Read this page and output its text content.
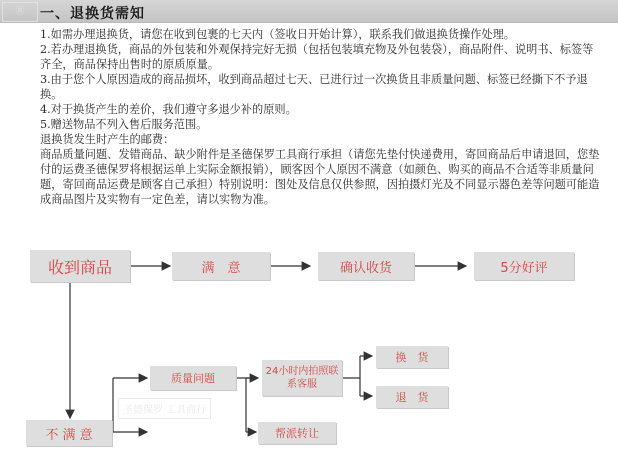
Ⓡ	一、退换货需知

1.如需办理退换货，请您在收到包裹的七天内（签收日开始计算），联系我们做退换货操作处理。

2.若办理退换货，商品的外包装和外观保持完好无损（包括包装填充物及外包装袋），商品附件、说明书、标签等齐全，商品保持出售时的原质原量。

3.由于您个人原因造成的商品损坏，收到商品超过七天、已进行过一次换货且非质量问题、标签已经撕下不予退换。

4.对于换货产生的差价，我们遵守多退少补的原则。

5.赠送物品不列入售后服务范围。

退换货发生时产生的邮费：

商品质量问题、发错商品、缺少附件是圣德保罗工具商行承担（请您先垫付快递费用，寄回商品后申请退回，您垫付的运费圣德保罗将根据运单上实际金额报销），顾客因个人原因不满意（如颜色、购买的商品不合适等非质量问题，寄回商品运费是顾客自己承担）特别说明：图处及信息仅供参照，因拍摄灯光及不同显示器色差等问题可能造成商品图片及实物有一定色差，请以实物为准。

收到商品	满　意	确认收货	5分好评
质量问题
24小时内拍照联系客服
换　货
退　货
不 满 意	帮派转让
圣德保罗 工具商行
